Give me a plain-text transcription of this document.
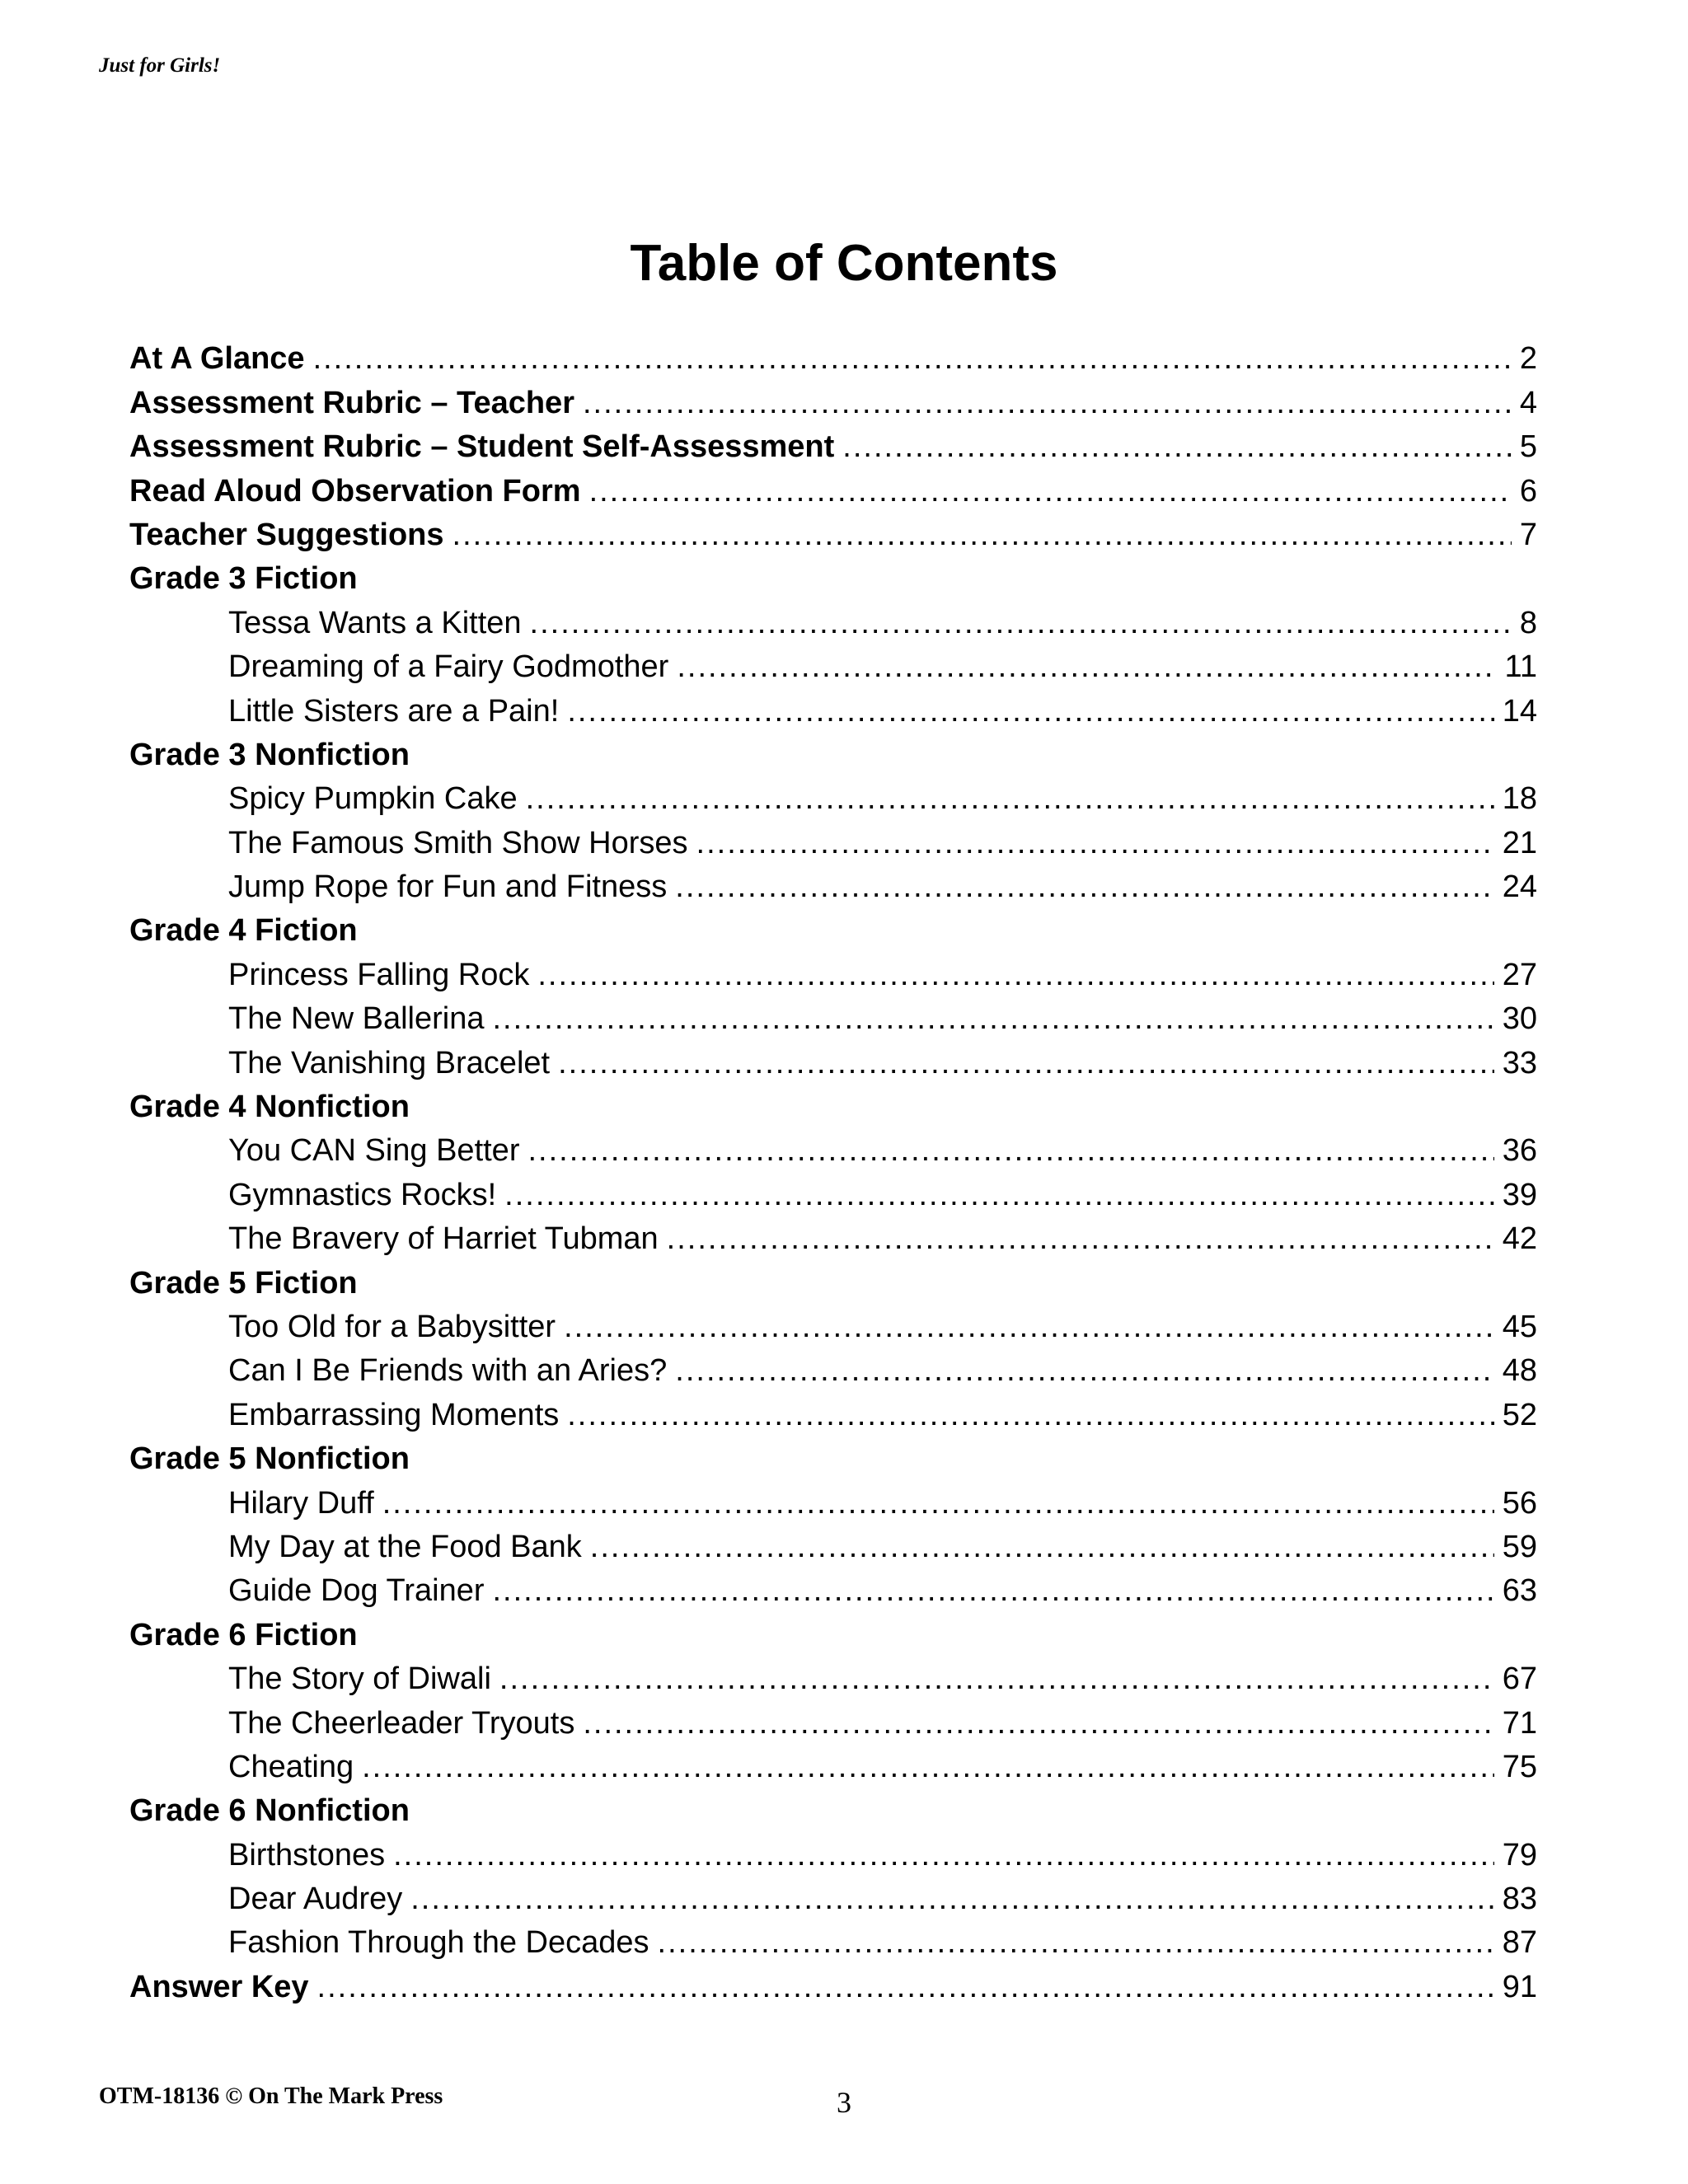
Just for Girls!
Table of Contents
At A Glance .....	2
Assessment Rubric – Teacher .....	4
Assessment Rubric – Student Self-Assessment .....	5
Read Aloud Observation Form .....	6
Teacher Suggestions .....	7
Grade 3 Fiction
Tessa Wants a Kitten .....	8
Dreaming of a Fairy Godmother .....	11
Little Sisters are a Pain! .....	14
Grade 3 Nonfiction
Spicy Pumpkin Cake .....	18
The Famous Smith Show Horses .....	21
Jump Rope for Fun and Fitness .....	24
Grade 4 Fiction
Princess Falling Rock .....	27
The New Ballerina .....	30
The Vanishing Bracelet .....	33
Grade 4 Nonfiction
You CAN Sing Better .....	36
Gymnastics Rocks! .....	39
The Bravery of Harriet Tubman .....	42
Grade 5 Fiction
Too Old for a Babysitter .....	45
Can I Be Friends with an Aries? .....	48
Embarrassing Moments .....	52
Grade 5 Nonfiction
Hilary Duff .....	56
My Day at the Food Bank .....	59
Guide Dog Trainer .....	63
Grade 6 Fiction
The Story of Diwali .....	67
The Cheerleader Tryouts .....	71
Cheating .....	75
Grade 6 Nonfiction
Birthstones .....	79
Dear Audrey .....	83
Fashion Through the Decades .....	87
Answer Key .....	91
OTM-18136 © On The Mark Press	3
